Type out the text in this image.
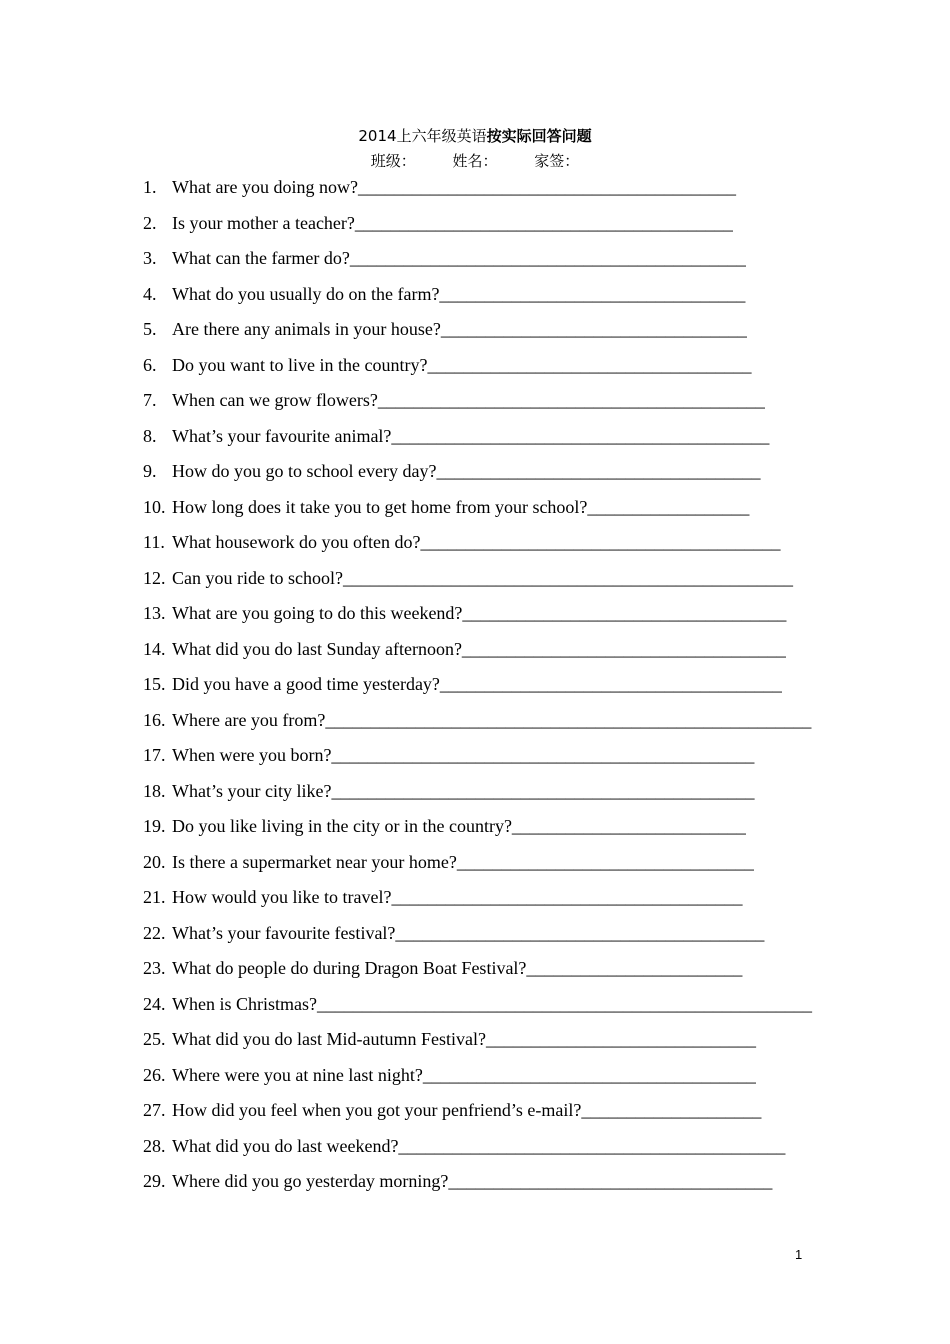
2014上六年级英语按实际回答问题
班级： 姓名： 家签：
1. What are you doing now?__________________________________________
2. Is your mother a teacher?__________________________________________
3. What can the farmer do?____________________________________________
4. What do you usually do on the farm?__________________________________
5. Are there any animals in your house?__________________________________
6. Do you want to live in the country?____________________________________
7. When can we grow flowers?___________________________________________
8. What’s your favourite animal?__________________________________________
9. How do you go to school every day?____________________________________
10. How long does it take you to get home from your school?__________________
11. What housework do you often do?________________________________________
12. Can you ride to school?__________________________________________________
13. What are you going to do this weekend?____________________________________
14. What did you do last Sunday afternoon?____________________________________
15. Did you have a good time yesterday?______________________________________
16. Where are you from?______________________________________________________
17. When were you born?_______________________________________________
18. What’s your city like?_______________________________________________
19. Do you like living in the city or in the country?__________________________
20. Is there a supermarket near your home?_________________________________
21. How would you like to travel?_______________________________________
22. What’s your favourite festival?_________________________________________
23. What do people do during Dragon Boat Festival?________________________
24. When is Christmas?_______________________________________________________
25. What did you do last Mid-autumn Festival?______________________________
26. Where were you at nine last night?_____________________________________
27. How did you feel when you got your penfriend’s e-mail?____________________
28. What did you do last weekend?___________________________________________
29. Where did you go yesterday morning?____________________________________
1
